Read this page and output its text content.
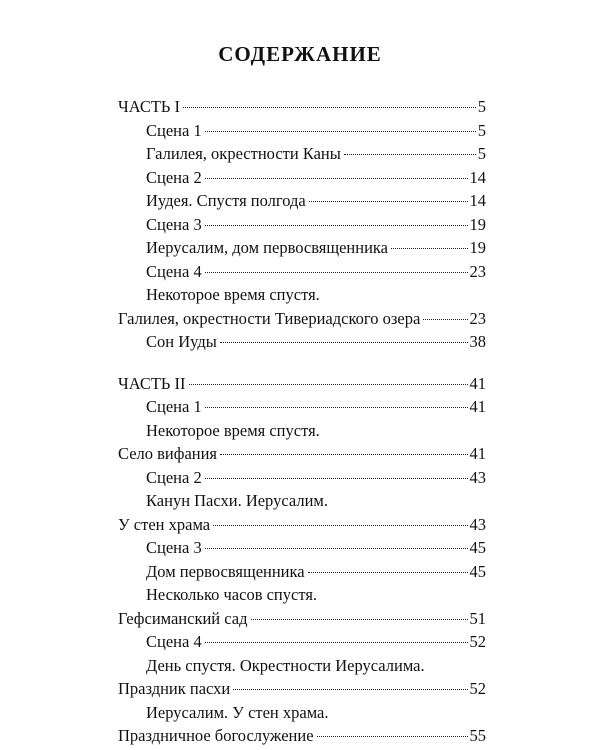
СОДЕРЖАНИЕ
ЧАСТЬ I	5
Сцена 1	5
Галилея, окрестности Каны	5
Сцена 2	14
Иудея. Спустя полгода	14
Сцена 3	19
Иерусалим, дом первосвященника	19
Сцена 4	23
Некоторое время спустя.
Галилея, окрестности Тивериадского озера	23
Сон Иуды	38
ЧАСТЬ II	41
Сцена 1	41
Некоторое время спустя.
Село вифания	41
Сцена 2	43
Канун Пасхи. Иерусалим.
У стен храма	43
Сцена 3	45
Дом первосвященника	45
Несколько часов спустя.
Гефсиманский сад	51
Сцена 4	52
День спустя. Окрестности Иерусалима.
Праздник пасхи	52
Иерусалим. У стен храма.
Праздничное богослужение	55
